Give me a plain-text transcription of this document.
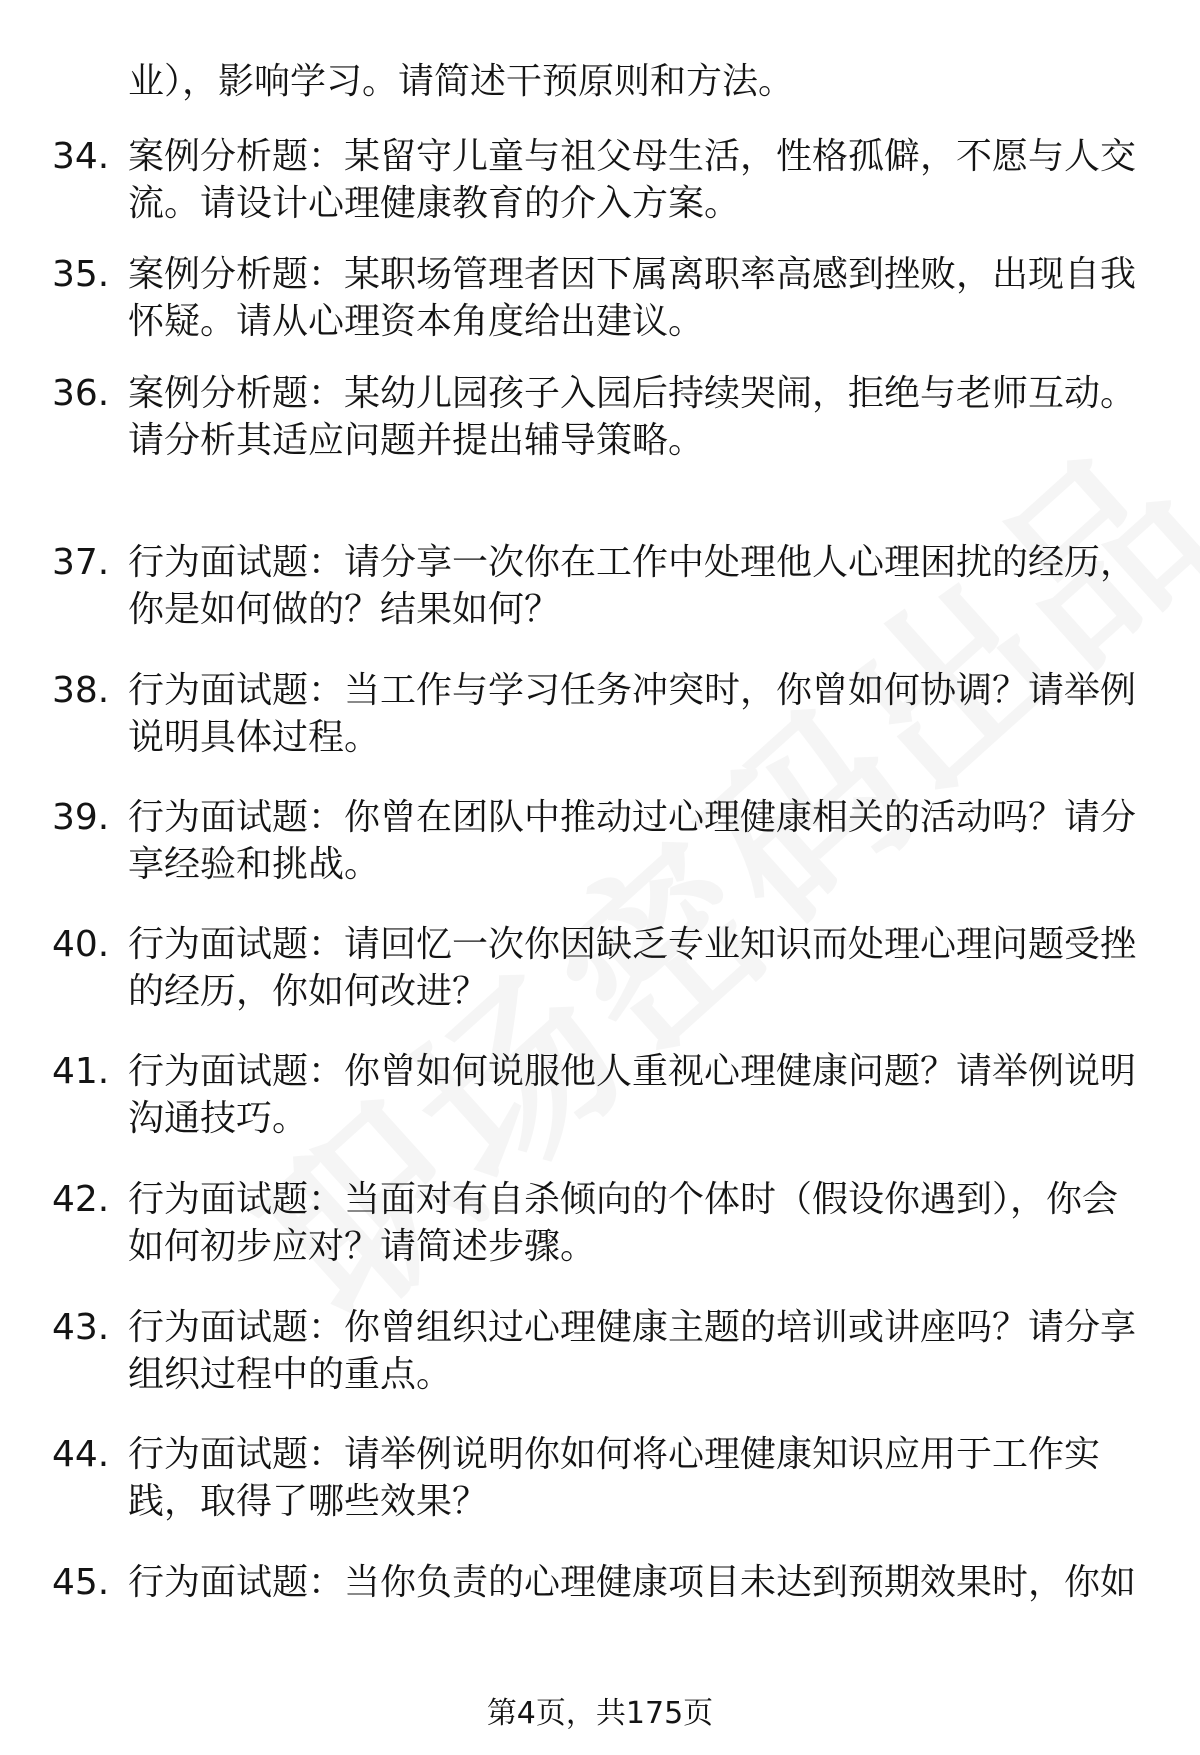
业），影响学习。请简述干预原则和方法。
34. 案例分析题：某留守儿童与祖父母生活，性格孤僻，不愿与人交流。请设计心理健康教育的介入方案。
35. 案例分析题：某职场管理者因下属离职率高感到挫败，出现自我怀疑。请从心理资本角度给出建议。
36. 案例分析题：某幼儿园孩子入园后持续哭闹，拒绝与老师互动。请分析其适应问题并提出辅导策略。
37. 行为面试题：请分享一次你在工作中处理他人心理困扰的经历，你是如何做的？结果如何？
38. 行为面试题：当工作与学习任务冲突时，你曾如何协调？请举例说明具体过程。
39. 行为面试题：你曾在团队中推动过心理健康相关的活动吗？请分享经验和挑战。
40. 行为面试题：请回忆一次你因缺乏专业知识而处理心理问题受挫的经历，你如何改进？
41. 行为面试题：你曾如何说服他人重视心理健康问题？请举例说明沟通技巧。
42. 行为面试题：当面对有自杀倾向的个体时（假设你遇到），你会如何初步应对？请简述步骤。
43. 行为面试题：你曾组织过心理健康主题的培训或讲座吗？请分享组织过程中的重点。
44. 行为面试题：请举例说明你如何将心理健康知识应用于工作实践，取得了哪些效果？
45. 行为面试题：当你负责的心理健康项目未达到预期效果时，你如
第4页，共175页
